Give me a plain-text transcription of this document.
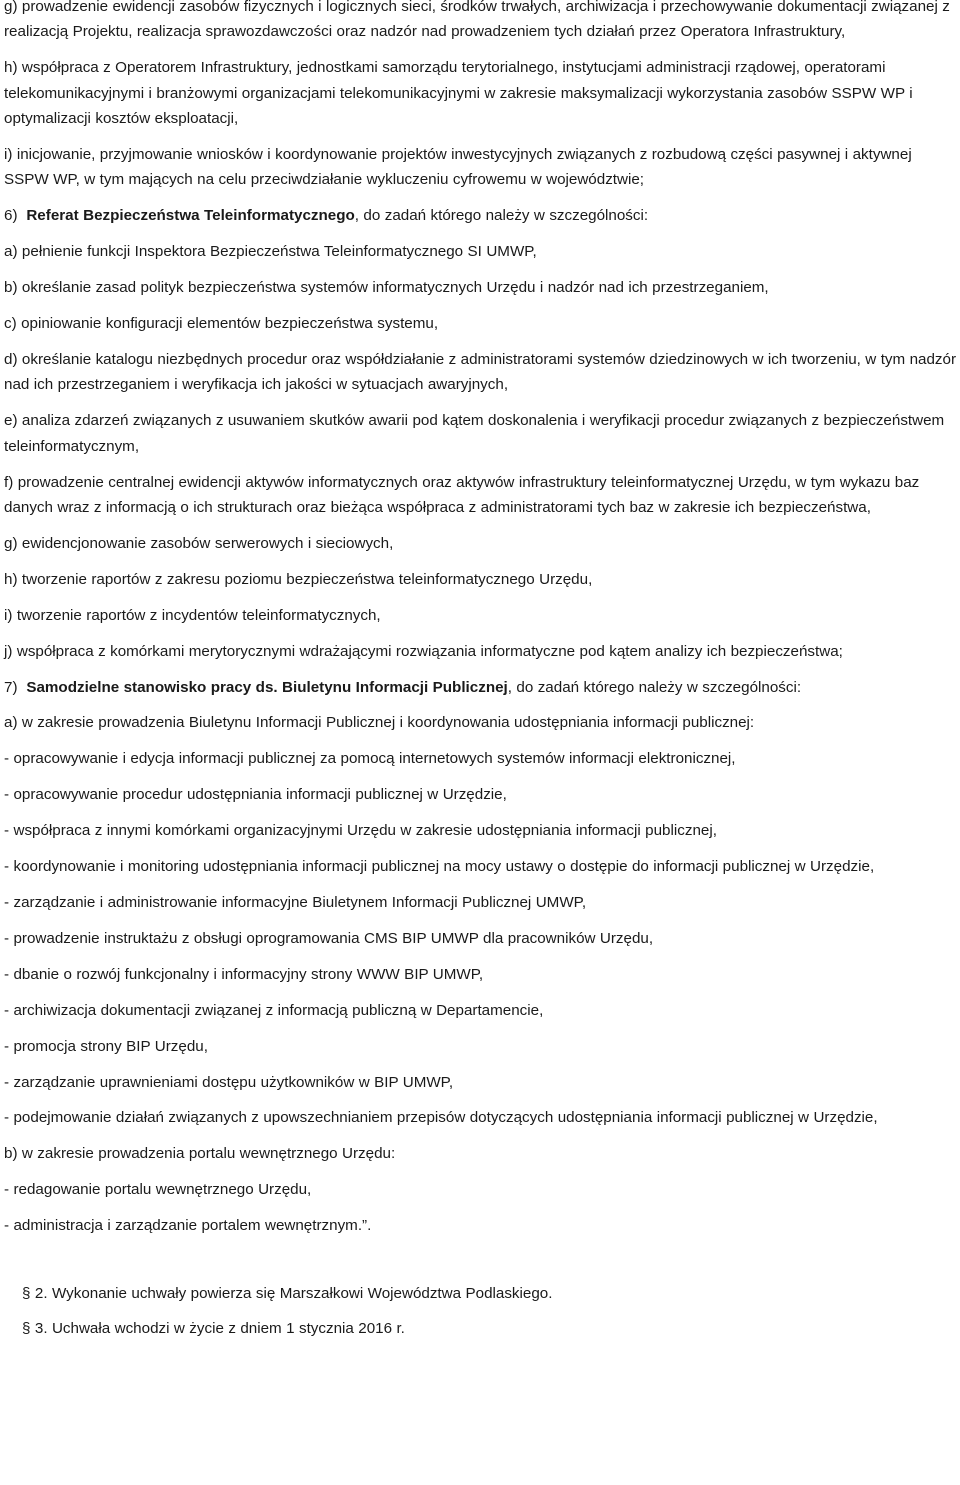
g) prowadzenie ewidencji zasobów fizycznych i logicznych sieci, środków trwałych, archiwizacja i przechowywanie dokumentacji związanej z realizacją Projektu, realizacja sprawozdawczości oraz nadzór nad prowadzeniem tych działań przez Operatora Infrastruktury,
h) współpraca z Operatorem Infrastruktury, jednostkami samorządu terytorialnego, instytucjami administracji rządowej, operatorami telekomunikacyjnymi i branżowymi organizacjami telekomunikacyjnymi w zakresie maksymalizacji wykorzystania zasobów SSPW WP i optymalizacji kosztów eksploatacji,
i) inicjowanie, przyjmowanie wniosków i koordynowanie projektów inwestycyjnych związanych z rozbudową części pasywnej i aktywnej SSPW WP, w tym mających na celu przeciwdziałanie wykluczeniu cyfrowemu w województwie;
6)  Referat Bezpieczeństwa Teleinformatycznego, do zadań którego należy w szczególności:
a) pełnienie funkcji Inspektora Bezpieczeństwa Teleinformatycznego SI UMWP,
b) określanie zasad polityk bezpieczeństwa systemów informatycznych Urzędu i nadzór nad ich przestrzeganiem,
c) opiniowanie konfiguracji elementów bezpieczeństwa systemu,
d) określanie katalogu niezbędnych procedur oraz współdziałanie z administratorami systemów dziedzinowych w ich tworzeniu, w tym nadzór nad ich przestrzeganiem i weryfikacja ich jakości w sytuacjach awaryjnych,
e) analiza zdarzeń związanych z usuwaniem skutków awarii pod kątem doskonalenia i weryfikacji procedur związanych z bezpieczeństwem teleinformatycznym,
f) prowadzenie centralnej ewidencji aktywów informatycznych oraz aktywów infrastruktury teleinformatycznej Urzędu, w tym wykazu baz danych wraz z informacją o ich strukturach oraz bieżąca współpraca z administratorami tych baz w zakresie ich bezpieczeństwa,
g) ewidencjonowanie zasobów serwerowych i sieciowych,
h) tworzenie raportów z zakresu poziomu bezpieczeństwa teleinformatycznego Urzędu,
i) tworzenie raportów z incydentów teleinformatycznych,
j) współpraca z komórkami merytorycznymi wdrażającymi rozwiązania informatyczne pod kątem analizy ich bezpieczeństwa;
7)  Samodzielne stanowisko pracy ds. Biuletynu Informacji Publicznej, do zadań którego należy w szczególności:
a) w zakresie prowadzenia Biuletynu Informacji Publicznej i koordynowania udostępniania informacji publicznej:
- opracowywanie i edycja informacji publicznej za pomocą internetowych systemów informacji elektronicznej,
- opracowywanie procedur udostępniania informacji publicznej w Urzędzie,
- współpraca z innymi komórkami organizacyjnymi Urzędu w zakresie udostępniania informacji publicznej,
- koordynowanie i monitoring udostępniania informacji publicznej na mocy ustawy o dostępie do informacji publicznej w Urzędzie,
- zarządzanie i administrowanie informacyjne Biuletynem Informacji Publicznej UMWP,
- prowadzenie instruktażu z obsługi oprogramowania CMS BIP UMWP dla pracowników Urzędu,
- dbanie o rozwój funkcjonalny i informacyjny strony WWW BIP UMWP,
- archiwizacja dokumentacji związanej z informacją publiczną w Departamencie,
- promocja strony BIP Urzędu,
- zarządzanie uprawnieniami dostępu użytkowników w BIP UMWP,
- podejmowanie działań związanych z upowszechnianiem przepisów dotyczących udostępniania informacji publicznej w Urzędzie,
b) w zakresie prowadzenia portalu wewnętrznego Urzędu:
- redagowanie portalu wewnętrznego Urzędu,
- administracja i zarządzanie portalem wewnętrznym.”.
§ 2. Wykonanie uchwały powierza się Marszałkowi Województwa Podlaskiego.
§ 3. Uchwała wchodzi w życie z dniem 1 stycznia 2016 r.
